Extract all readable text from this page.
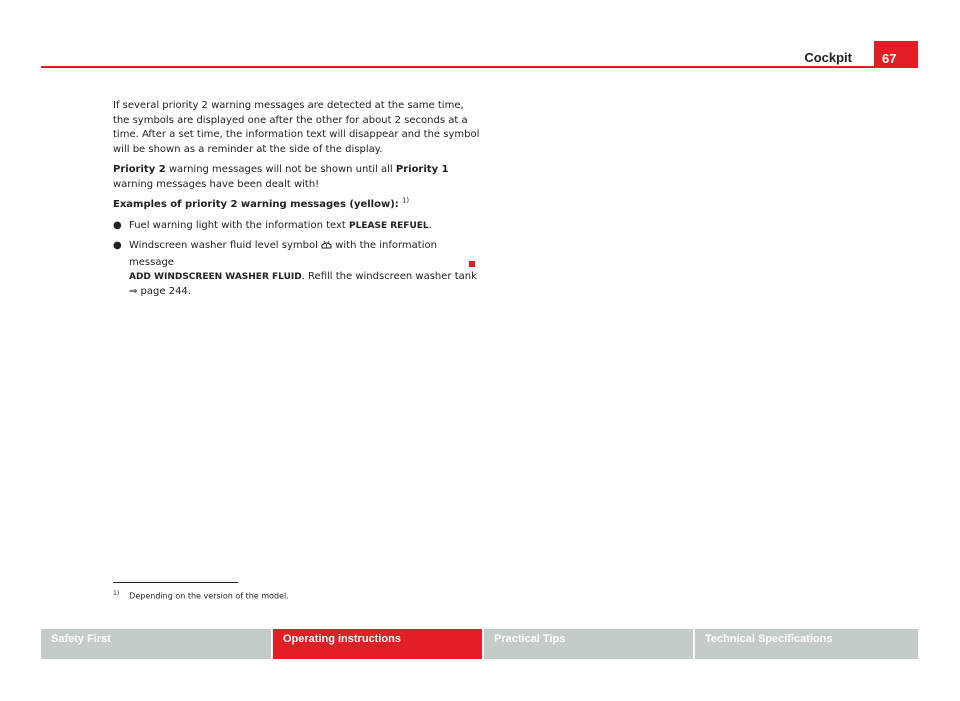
Cockpit	67

If several priority 2 warning messages are detected at the same time, the symbols are displayed one after the other for about 2 seconds at a time. After a set time, the information text will disappear and the symbol will be shown as a reminder at the side of the display.

Priority 2 warning messages will not be shown until all Priority 1 warning messages have been dealt with!

Examples of priority 2 warning messages (yellow): $^{1)}$

● Fuel warning light with the information text PLEASE REFUEL.
● Windscreen washer fluid level symbol  with the information message
ADD WINDSCREEN WASHER FLUID. Refill the windscreen washer tank
⇒ page 244.
$^{1)}$ Depending on the version of the model.
Safety First	Operating instructions	Practical Tips	Technical Specifications
